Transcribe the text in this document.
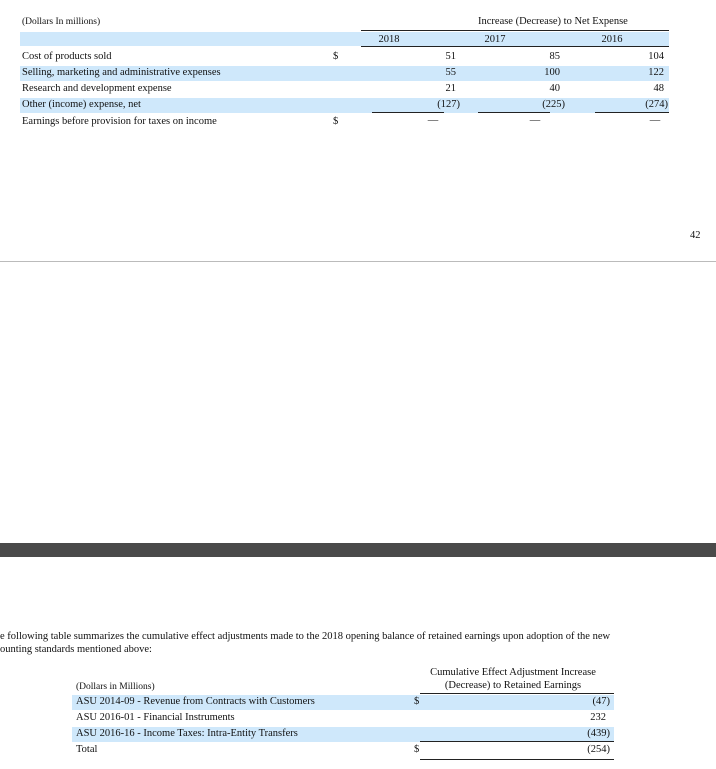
(Dollars In millions)	Increase (Decrease) to Net Expense
2018	2017	2016
Cost of products sold	$	51	85	104
Selling, marketing and administrative expenses	55	100	122
Research and development expense	21	40	48
Other (income) expense, net	(127)	(225)	(274)
Earnings before provision for taxes on income	$	—	—	—
42
e following table summarizes the cumulative effect adjustments made to the 2018 opening balance of retained earnings upon adoption of the new
ounting standards mentioned above:
Cumulative Effect Adjustment Increase
(Decrease) to Retained Earnings
(Dollars in Millions)
ASU 2014-09 - Revenue from Contracts with Customers	$	(47)
ASU 2016-01 - Financial Instruments	232
ASU 2016-16 - Income Taxes: Intra-Entity Transfers	(439)
Total	$	(254)
